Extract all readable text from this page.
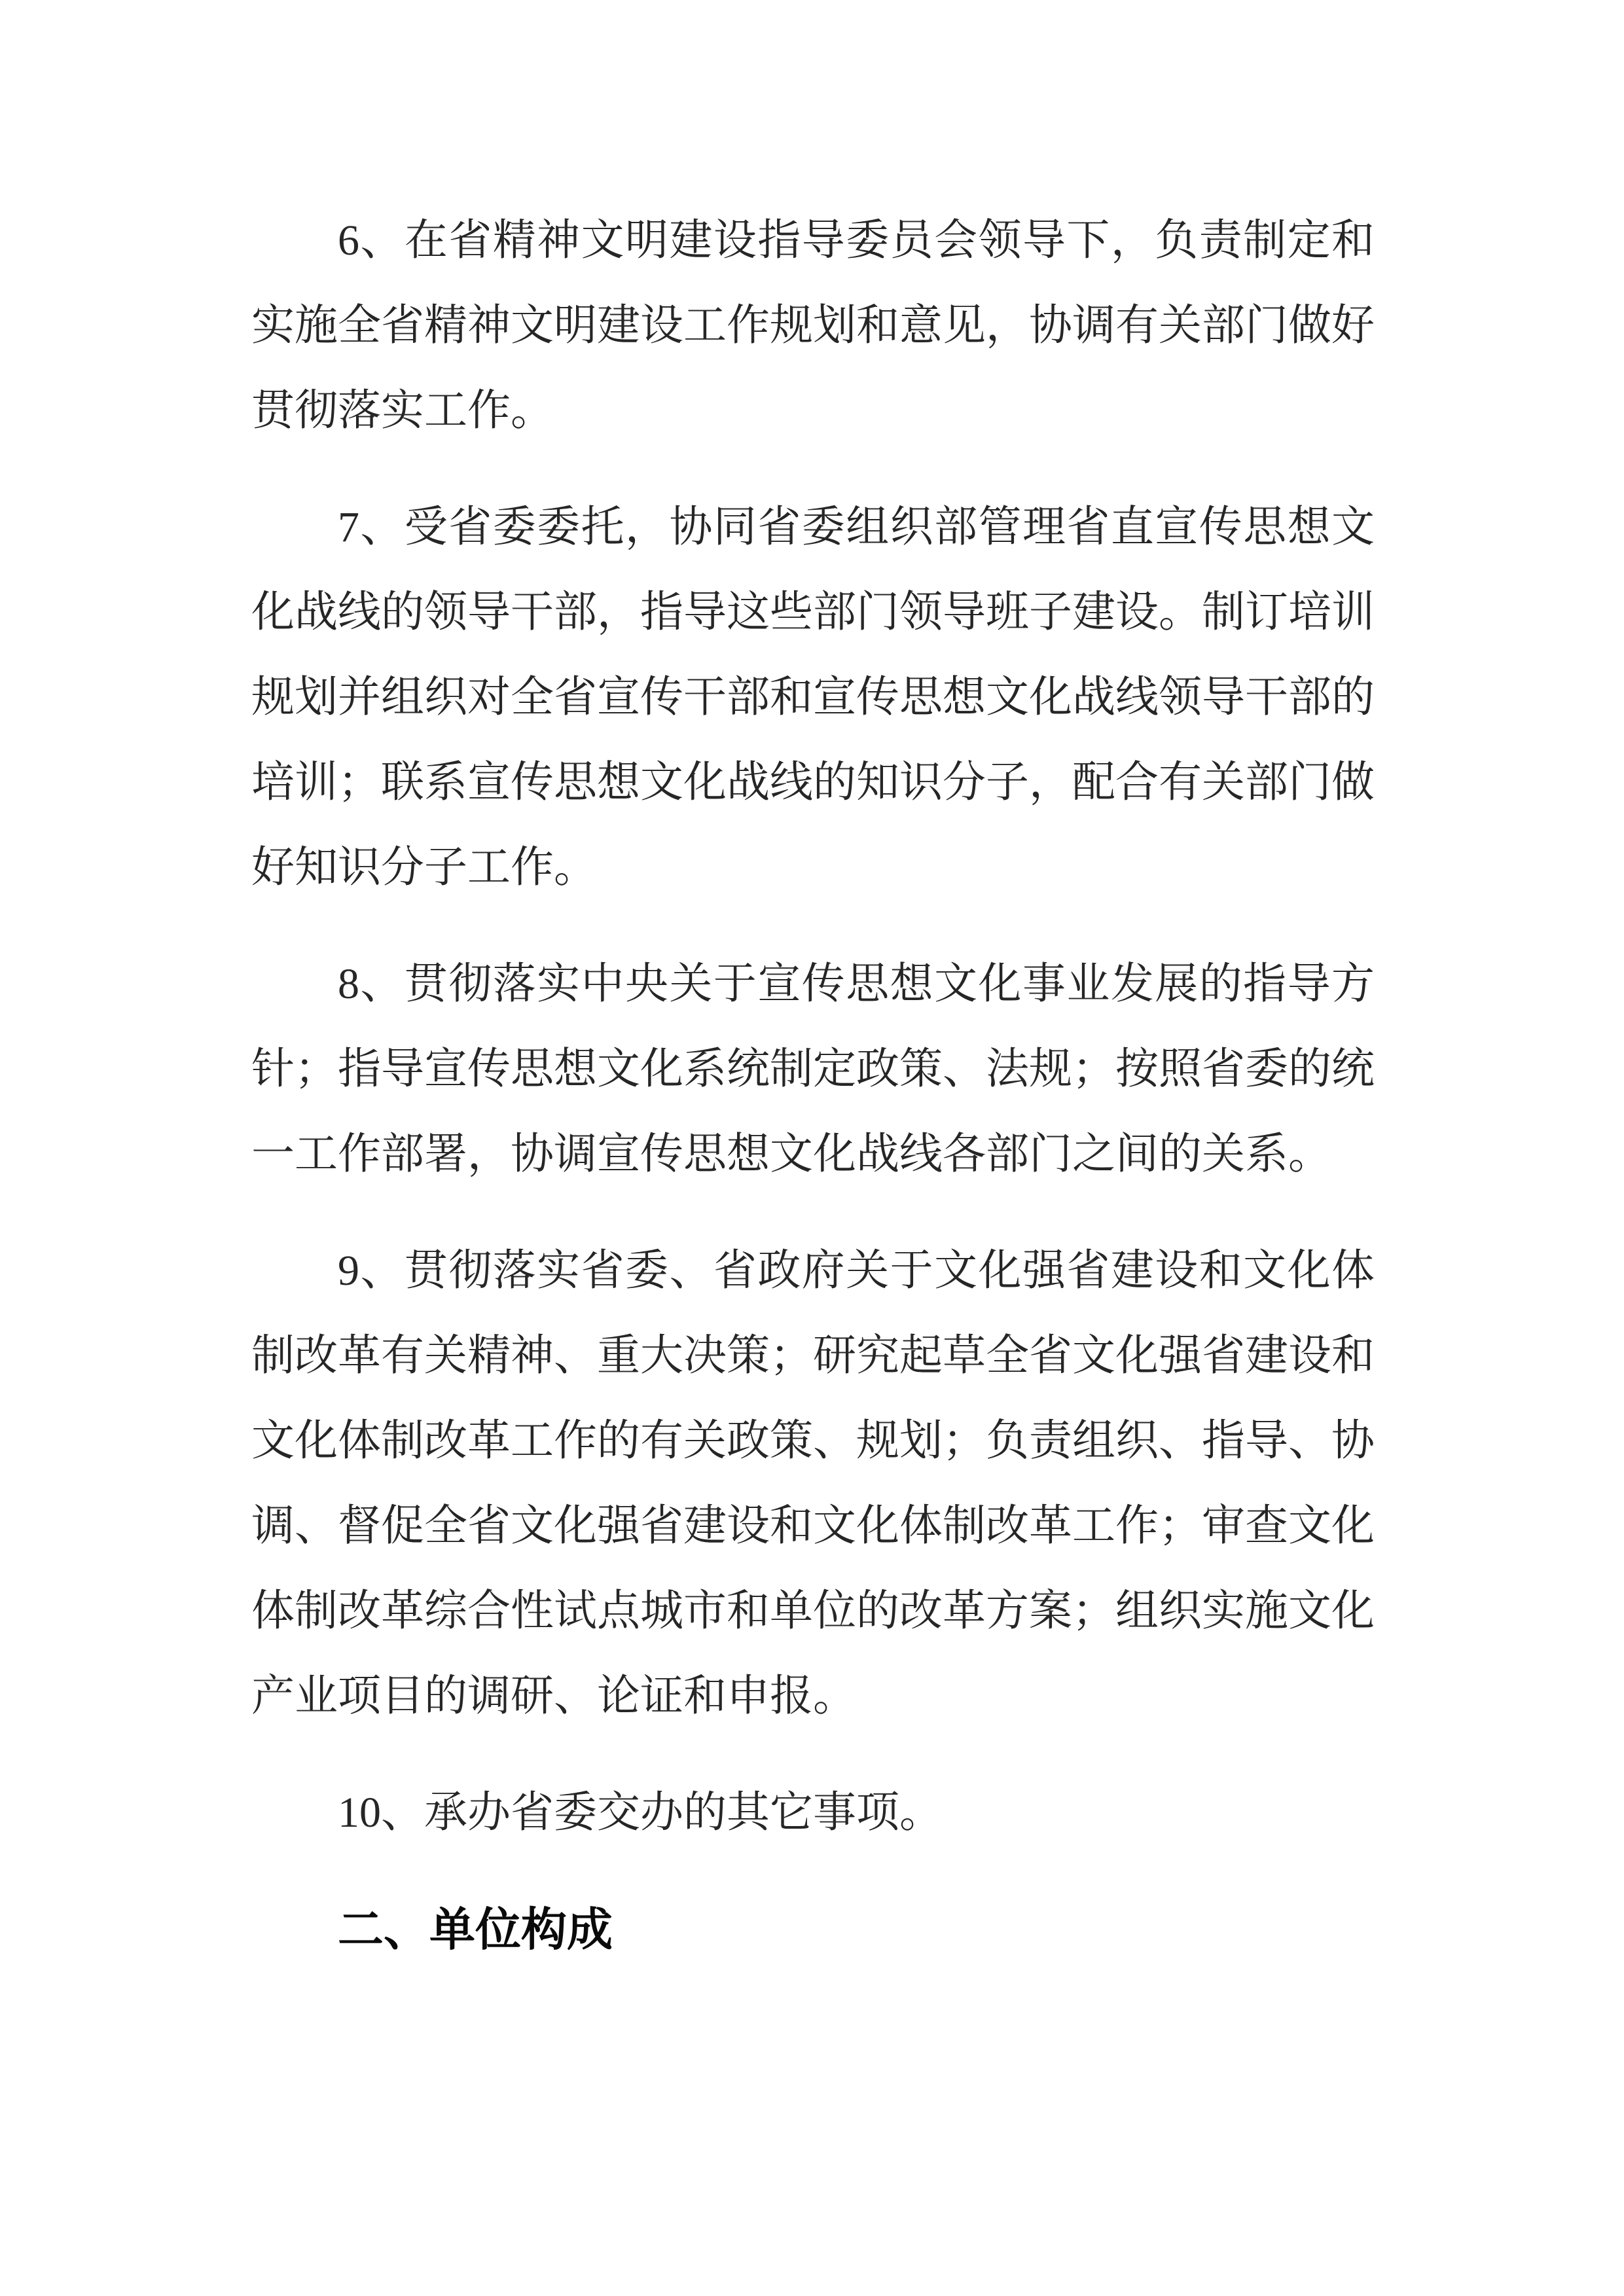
6、在省精神文明建设指导委员会领导下，负责制定和实施全省精神文明建设工作规划和意见，协调有关部门做好贯彻落实工作。

7、受省委委托，协同省委组织部管理省直宣传思想文化战线的领导干部，指导这些部门领导班子建设。制订培训规划并组织对全省宣传干部和宣传思想文化战线领导干部的培训；联系宣传思想文化战线的知识分子，配合有关部门做好知识分子工作。

8、贯彻落实中央关于宣传思想文化事业发展的指导方针；指导宣传思想文化系统制定政策、法规；按照省委的统一工作部署，协调宣传思想文化战线各部门之间的关系。

9、贯彻落实省委、省政府关于文化强省建设和文化体制改革有关精神、重大决策；研究起草全省文化强省建设和文化体制改革工作的有关政策、规划；负责组织、指导、协调、督促全省文化强省建设和文化体制改革工作；审查文化体制改革综合性试点城市和单位的改革方案；组织实施文化产业项目的调研、论证和申报。

10、承办省委交办的其它事项。

二、单位构成
